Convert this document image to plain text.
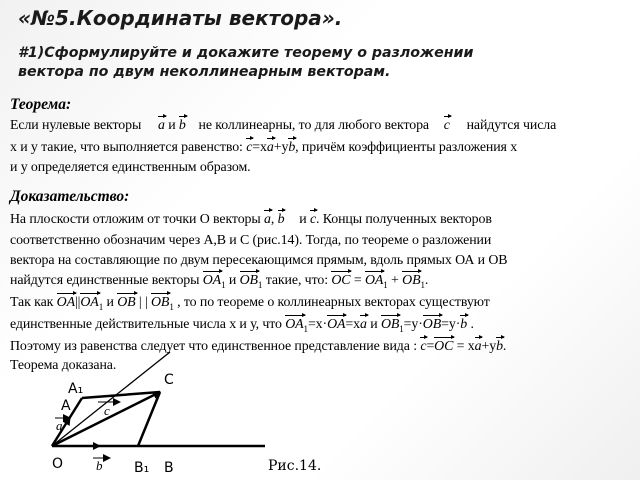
«№5.Координаты вектора».
#1)Сформулируйте и докажите теорему о разложении
вектора по двум неколлинеарным векторам.
Теорема:
Если нулевые векторы a и b не коллинеарны, то для любого вектора c найдутся числа
х и у такие, что выполняется равенство: c=xa+yb, причём коэффициенты разложения х
и у определяется единственным образом.
Доказательство:
На плоскости отложим от точки О векторы a, b и c. Концы полученных векторов
соответственно обозначим через А,В и С (рис.14). Тогда, по теореме о разложении
вектора на составляющие по двум пересекающимся прямым, вдоль прямых ОА и ОВ
найдутся единственные векторы $OA_1$ и $OB_1$ такие, что: OC = $OA_1 + OB_1$.
Так как $OA||OA_1$ и OB | | $OB_1$ , то по теореме о коллинеарных векторах существуют
единственные действительные числа х и у, что $OA_1=x\cdot OA=xa$ и $OB_1=y\cdot OB=y\cdot b$ .
Поэтому из равенства следует что единственное представление вида : c=OC = xa+yb.
Теорема доказана.
C
A₁
A	c
a
O	b B₁ B	Рис.14.
